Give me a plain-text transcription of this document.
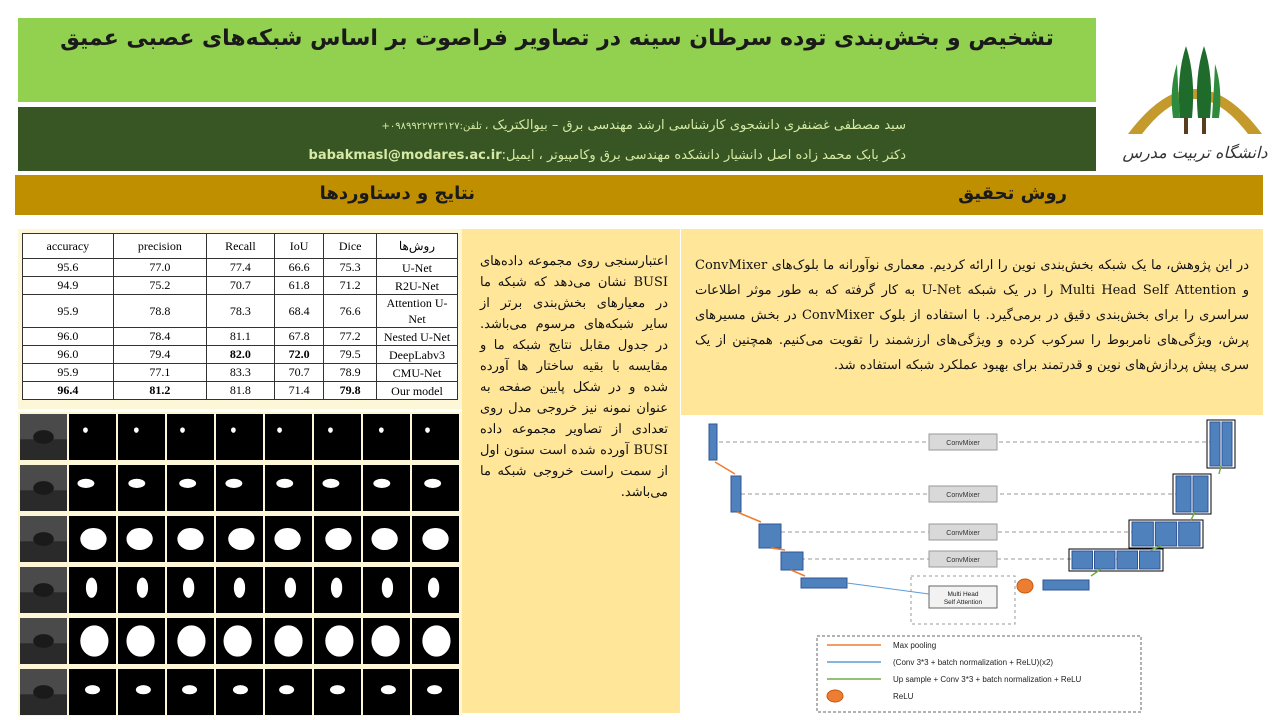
تشخیص و بخش‌بندی توده سرطان سینه در تصاویر فراصوت بر اساس شبکه‌های عصبی عمیق
سید مصطفی غضنفری دانشجوی کارشناسی ارشد مهندسی برق – بیوالکتریک ، تلفن:۰۹۸۹۹۲۲۷۲۳۱۲۷+
دکتر بابک محمد زاده اصل دانشیار دانشکده مهندسی برق وکامپیوتر ، ایمیل:babakmasl@modares.ac.ir	دانشگاه تربیت مدرس
روش تحقیق
نتایج و دستاوردها
در این پژوهش، ما یک شبکه بخش‌بندی نوین را ارائه کردیم. معماری نوآورانه ما بلوک‌های ConvMixer و Multi Head Self Attention را در یک شبکه U-Net به کار گرفته که به طور موثر اطلاعات سراسری را برای بخش‌بندی دقیق در برمی‌گیرد. با استفاده از بلوک ConvMixer در بخش مسیرهای پرش، ویژگی‌های نامربوط را سرکوب کرده و ویژگی‌های ارزشمند را تقویت می‌کنیم. همچنین از یک سری پیش پردازش‌های نوین و قدرتمند برای بهبود عملکرد شبکه استفاده شد.
اعتبارسنجی روی مجموعه داده‌های BUSI نشان می‌دهد که شبکه ما در معیارهای بخش‌بندی برتر از سایر شبکه‌های مرسوم می‌باشد. در جدول مقابل نتایج شبکه ما و مقایسه با بقیه ساختار ها آورده شده و در شکل پایین صفحه به عنوان نمونه نیز خروجی مدل روی تعدادی از تصاویر مجموعه داده BUSI آورده شده است ستون اول از سمت راست خروجی شبکه ما می‌باشد.
accuracy	precision	Recall	IoU	Dice	روش‌ها
95.6	77.0	77.4	66.6	75.3	U-Net
94.9	75.2	70.7	61.8	71.2	R2U-Net
95.9	78.8	78.3	68.4	76.6	Attention U-Net
96.0	78.4	81.1	67.8	77.2	Nested U-Net
96.0	79.4	82.0	72.0	79.5	DeepLabv3
95.9	77.1	83.3	70.7	78.9	CMU-Net
96.4	81.2	81.8	71.4	79.8	Our model
ConvMixer
ConvMixer
ConvMixer
ConvMixer
Multi Head
Self Attention
Max pooling
(Conv 3*3 + batch normalization + ReLU)(x2)
Up sample + Conv 3*3 + batch normalization + ReLU
ReLU
